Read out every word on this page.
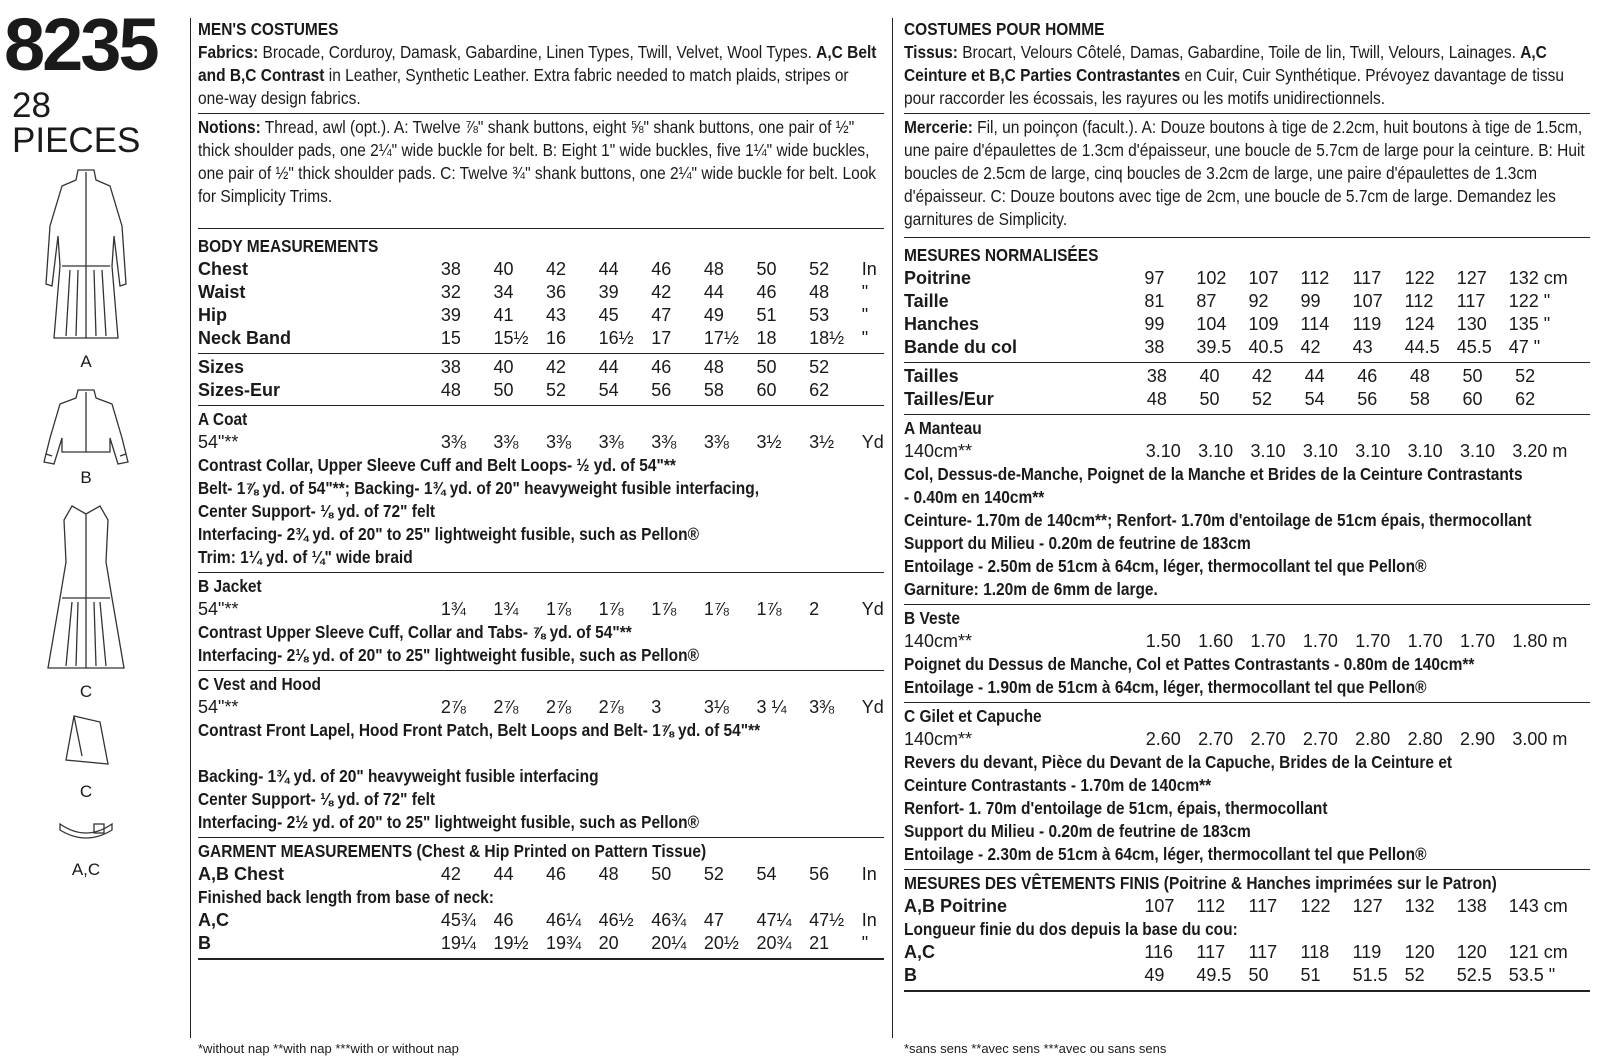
8235
28 PIECES
A
B
C
C
A,C
MEN'S COSTUMES

Fabrics: Brocade, Corduroy, Damask, Gabardine, Linen Types, Twill, Velvet, Wool Types. A,C Belt and B,C Contrast in Leather, Synthetic Leather. Extra fabric needed to match plaids, stripes or one-way design fabrics.

Notions: Thread, awl (opt.). A: Twelve ⅞" shank buttons, eight ⅝" shank buttons, one pair of ½" thick shoulder pads, one 2¼" wide buckle for belt. B: Eight 1" wide buckles, five 1¼" wide buckles, one pair of ½" thick shoulder pads. C: Twelve ¾" shank buttons, one 2¼" wide buckle for belt. Look for Simplicity Trims.

BODY MEASUREMENTS
Chest	38	40	42	44	46	48	50	52	In
Waist	32	34	36	39	42	44	46	48	"
Hip	39	41	43	45	47	49	51	53	"
Neck Band	15	15½	16	16½	17	17½	18	18½	"
Sizes	38	40	42	44	46	48	50	52	
Sizes-Eur	48	50	52	54	56	58	60	62	
A Coat
54"**	3⅜	3⅜	3⅜	3⅜	3⅜	3⅜	3½	3½	Yd
Contrast Collar, Upper Sleeve Cuff and Belt Loops- ½ yd. of 54"**
Belt- 1⅞ yd. of 54"**; Backing- 1¾ yd. of 20" heavyweight fusible interfacing,
Center Support- ⅛ yd. of 72" felt
Interfacing- 2¾ yd. of 20" to 25" lightweight fusible, such as Pellon®
Trim: 1¼ yd. of ¼" wide braid
B Jacket
54"**	1¾	1¾	1⅞	1⅞	1⅞	1⅞	1⅞	2	Yd
Contrast Upper Sleeve Cuff, Collar and Tabs- ⅞ yd. of 54"**
Interfacing- 2⅛ yd. of 20" to 25" lightweight fusible, such as Pellon®
C Vest and Hood
54"**	2⅞	2⅞	2⅞	2⅞	3	3⅛	3 ¼	3⅜	Yd
Contrast Front Lapel, Hood Front Patch, Belt Loops and Belt- 1⅞ yd. of 54"**
Backing- 1¾ yd. of 20" heavyweight fusible interfacing
Center Support- ⅛ yd. of 72" felt
Interfacing- 2½ yd. of 20" to 25" lightweight fusible, such as Pellon®
GARMENT MEASUREMENTS (Chest & Hip Printed on Pattern Tissue)
A,B Chest	42	44	46	48	50	52	54	56	In
Finished back length from base of neck:
A,C	45¾	46	46¼	46½	46¾	47	47¼	47½	In
B	19¼	19½	19¾	20	20¼	20½	20¾	21	"
*without nap **with nap ***with or without nap
COSTUMES POUR HOMME

Tissus: Brocart, Velours Côtelé, Damas, Gabardine, Toile de lin, Twill, Velours, Lainages. A,C Ceinture et B,C Parties Contrastantes en Cuir, Cuir Synthétique. Prévoyez davantage de tissu pour raccorder les écossais, les rayures ou les motifs unidirectionnels.

Mercerie: Fil, un poinçon (facult.). A: Douze boutons à tige de 2.2cm, huit boutons à tige de 1.5cm, une paire d'épaulettes de 1.3cm d'épaisseur, une boucle de 5.7cm de large pour la ceinture. B: Huit boucles de 2.5cm de large, cinq boucles de 3.2cm de large, une paire d'épaulettes de 1.3cm d'épaisseur. C: Douze boutons avec tige de 2cm, une boucle de 5.7cm de large. Demandez les garnitures de Simplicity.

MESURES NORMALISÉES
Poitrine	97	102	107	112	117	122	127	132 cm	
Taille	81	87	92	99	107	112	117	122 "	
Hanches	99	104	109	114	119	124	130	135 "	
Bande du col	38	39.5	40.5	42	43	44.5	45.5	47 "	
Tailles	38	40	42	44	46	48	50	52	
Tailles/Eur	48	50	52	54	56	58	60	62	
A Manteau
140cm**	3.10	3.10	3.10	3.10	3.10	3.10	3.10	3.20 m	
Col, Dessus-de-Manche, Poignet de la Manche et Brides de la Ceinture Contrastants
- 0.40m en 140cm**
Ceinture- 1.70m de 140cm**; Renfort- 1.70m d'entoilage de 51cm épais, thermocollant
Support du Milieu - 0.20m de feutrine de 183cm
Entoilage - 2.50m de 51cm à 64cm, léger, thermocollant tel que Pellon®
Garniture: 1.20m de 6mm de large.
B Veste
140cm**	1.50	1.60	1.70	1.70	1.70	1.70	1.70	1.80 m	
Poignet du Dessus de Manche, Col et Pattes Contrastants - 0.80m de 140cm**
Entoilage - 1.90m de 51cm à 64cm, léger, thermocollant tel que Pellon®
C Gilet et Capuche
140cm**	2.60	2.70	2.70	2.70	2.80	2.80	2.90	3.00 m	
Revers du devant, Pièce du Devant de la Capuche, Brides de la Ceinture et
Ceinture Contrastants - 1.70m de 140cm**
Renfort- 1. 70m d'entoilage de 51cm, épais, thermocollant
Support du Milieu - 0.20m de feutrine de 183cm
Entoilage - 2.30m de 51cm à 64cm, léger, thermocollant tel que Pellon®
MESURES DES VÊTEMENTS FINIS (Poitrine & Hanches imprimées sur le Patron)
A,B Poitrine	107	112	117	122	127	132	138	143 cm	
Longueur finie du dos depuis la base du cou:
A,C	116	117	117	118	119	120	120	121 cm	
B	49	49.5	50	51	51.5	52	52.5	53.5 "	
*sans sens **avec sens ***avec ou sans sens
